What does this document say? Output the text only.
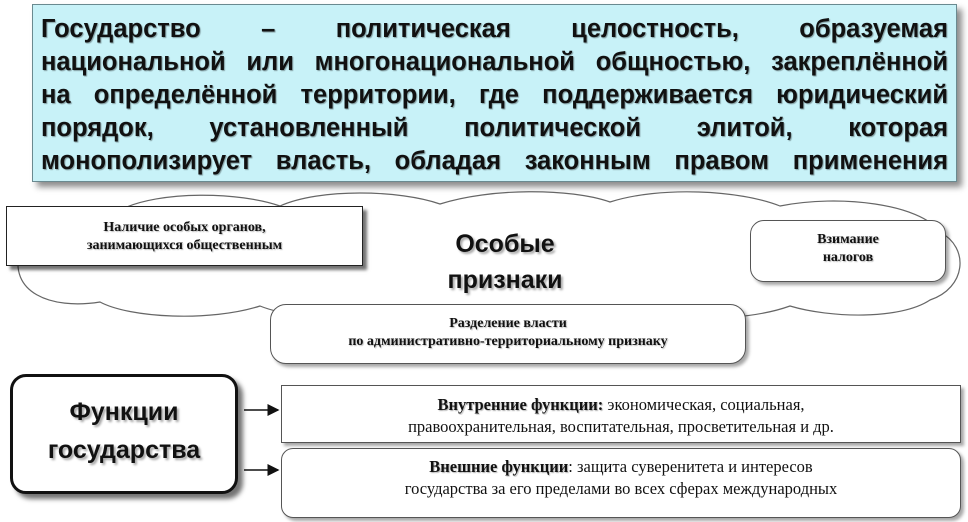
Государство – политическая целостность, образуемая

национальной или многонациональной общностью, закреплённой

на определённой территории, где поддерживается юридический

порядок, установленный политической элитой, которая

монополизирует власть, обладая законным правом применения

Особые
признаки
Наличие особых органов,
занимающихся общественным	Взимание
налогов
Разделение власти
по административно-территориальному признаку
Функции
государства
Внутренние функции: экономическая, социальная,
правоохранительная, воспитательная, просветительная и др.
Внешние функции: защита суверенитета и интересов
государства за его пределами во всех сферах международных
